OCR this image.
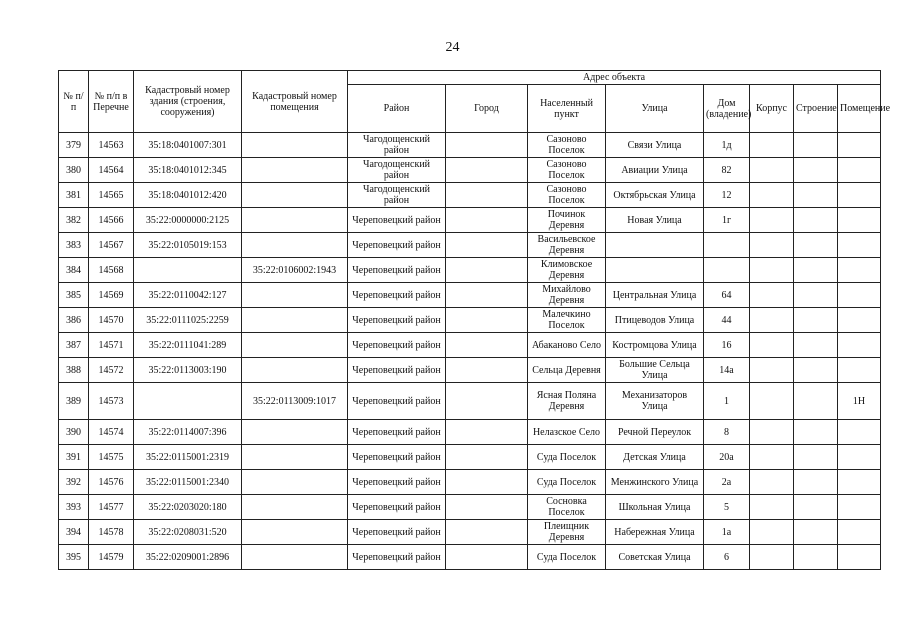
24
№ п/п	№ п/п в Перечне	Кадастровый номер здания (строения, сооружения)	Кадастровый номер помещения	Адрес объекта							
				Район	Город	Населенный пункт	Улица	Дом (владение)	Корпус	Строение	Помещение
379	14563	35:18:0401007:301		Чагодощенский район		Сазоново Поселок	Связи Улица	1д			
380	14564	35:18:0401012:345		Чагодощенский район		Сазоново Поселок	Авиации Улица	82			
381	14565	35:18:0401012:420		Чагодощенский район		Сазоново Поселок	Октябрьская Улица	12			
382	14566	35:22:0000000:2125		Череповецкий район		Починок Деревня	Новая Улица	1г			
383	14567	35:22:0105019:153		Череповецкий район		Васильевское Деревня					
384	14568		35:22:0106002:1943	Череповецкий район		Климовское Деревня					
385	14569	35:22:0110042:127		Череповецкий район		Михайлово Деревня	Центральная Улица	64			
386	14570	35:22:0111025:2259		Череповецкий район		Малечкино Поселок	Птицеводов Улица	44			
387	14571	35:22:0111041:289		Череповецкий район		Абаканово Село	Костромцова Улица	16			
388	14572	35:22:0113003:190		Череповецкий район		Сельца Деревня	Большие Сельца Улица	14а			
389	14573		35:22:0113009:1017	Череповецкий район		Ясная Поляна Деревня	Механизаторов Улица	1			1Н
390	14574	35:22:0114007:396		Череповецкий район		Нелазское Село	Речной Переулок	8			
391	14575	35:22:0115001:2319		Череповецкий район		Суда Поселок	Детская Улица	20а			
392	14576	35:22:0115001:2340		Череповецкий район		Суда Поселок	Менжинского Улица	2а			
393	14577	35:22:0203020:180		Череповецкий район		Сосновка Поселок	Школьная Улица	5			
394	14578	35:22:0208031:520		Череповецкий район		Плеищник Деревня	Набережная Улица	1а			
395	14579	35:22:0209001:2896		Череповецкий район		Суда Поселок	Советская Улица	6			
